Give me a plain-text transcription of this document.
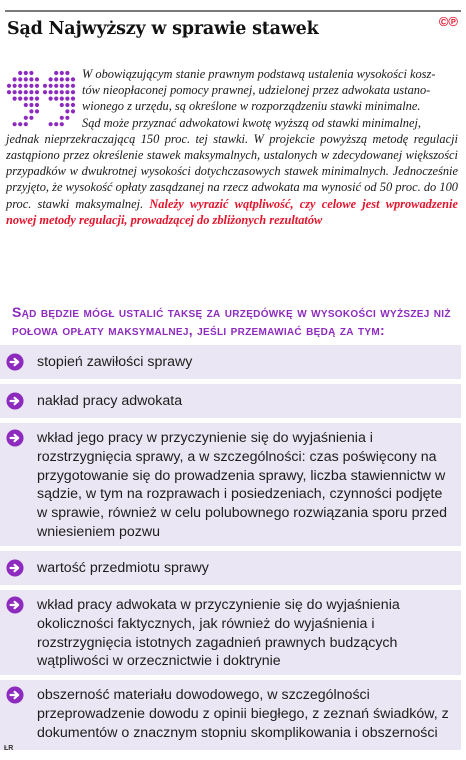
Sąd Najwyższy w sprawie stawek	©℗

W obowiązującym stanie prawnym podstawą ustalenia wysokości kosz-
tów nieopłaconej pomocy prawnej, udzielonej przez adwokata ustano-
wionego z urzędu, są określone w rozporządzeniu stawki minimalne.
Sąd może przyznać adwokatowi kwotę wyższą od stawki minimalnej,
jednak nieprzekraczającą 150 proc. tej stawki. W projekcie powyższą metodę regulacji zastąpiono przez określenie stawek maksymalnych, ustalonych w zdecydowanej większości przypadków w dwukrotnej wysokości dotychczasowych stawek minimalnych. Jednocześnie przyjęto, że wysokość opłaty zasądzanej na rzecz adwokata ma wynosić od 50 proc. do 100 proc. stawki maksymalnej. Należy wyrazić wątpliwość, czy celowe jest wprowadzenie nowej metody regulacji, prowadzącej do zbliżonych rezultatów

Sąd będzie mógł ustalić taksę za urzędówkę w wysokości wyższej niż połowa opłaty maksymalnej, jeśli przemawiać będą za tym:
stopień zawiłości sprawy
nakład pracy adwokata
wkład jego pracy w przyczynienie się do wyjaśnienia i rozstrzygnięcia sprawy, a w szczególności: czas poświęcony na przygotowanie się do prowadzenia sprawy, liczba stawiennictw w sądzie, w tym na rozprawach i posiedzeniach, czynności podjęte w sprawie, również w celu polubownego rozwiązania sporu przed wniesieniem pozwu
wartość przedmiotu sprawy
wkład pracy adwokata w przyczynienie się do wyjaśnienia okoliczności faktycznych, jak również do wyjaśnienia i rozstrzygnięcia istotnych zagadnień prawnych budzących wątpliwości w orzecznictwie i doktrynie
obszerność materiału dowodowego, w szczególności przeprowadzenie dowodu z opinii biegłego, z zeznań świadków, z dokumentów o znacznym stopniu skomplikowania i obszerności
ŁR
